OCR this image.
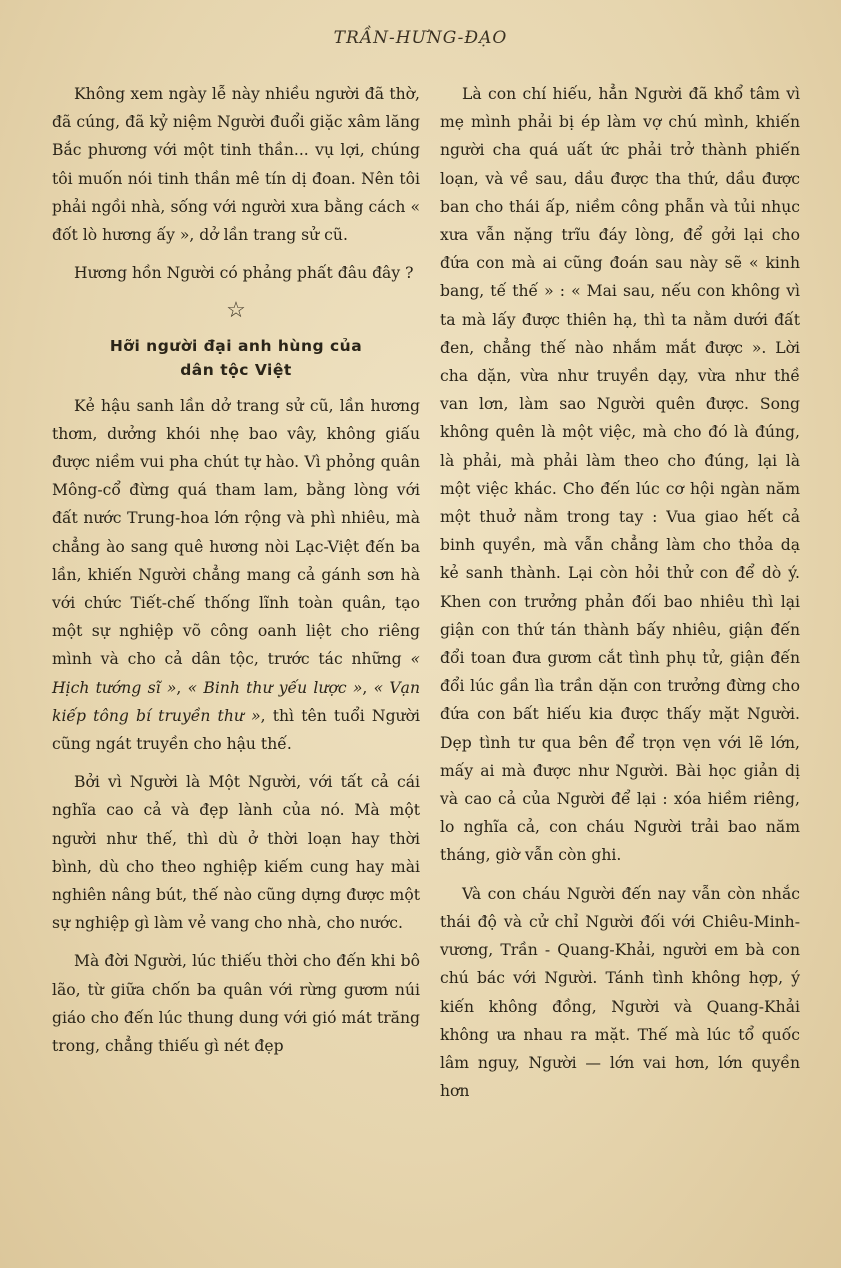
TRẦN-HƯNG-ĐẠO

Không xem ngày lễ này nhiều người đã thờ, đã cúng, đã kỷ niệm Người đuổi giặc xâm lăng Bắc phương với một tinh thần... vụ lợi, chúng tôi muốn nói tinh thần mê tín dị đoan. Nên tôi phải ngồi nhà, sống với người xưa bằng cách « đốt lò hương ấy », dở lần trang sử cũ.

Hương hồn Người có phảng phất đâu đây ?

☆
Hỡi người đại anh hùng của
dân tộc Việt

Kẻ hậu sanh lần dở trang sử cũ, lần hương thơm, dưởng khói nhẹ bao vây, không giấu được niềm vui pha chút tự hào. Vì phỏng quân Mông-cổ đừng quá tham lam, bằng lòng với đất nước Trung-hoa lớn rộng và phì nhiêu, mà chẳng ào sang quê hương nòi Lạc-Việt đến ba lần, khiến Người chẳng mang cả gánh sơn hà với chức Tiết-chế thống lĩnh toàn quân, tạo một sự nghiệp võ công oanh liệt cho riêng mình và cho cả dân tộc, trước tác những « Hịch tướng sĩ », « Binh thư yếu lược », « Vạn kiếp tông bí truyền thư », thì tên tuổi Người cũng ngát truyền cho hậu thế.

Bởi vì Người là Một Người, với tất cả cái nghĩa cao cả và đẹp lành của nó. Mà một người như thế, thì dù ở thời loạn hay thời bình, dù cho theo nghiệp kiếm cung hay mài nghiên nâng bút, thế nào cũng dựng được một sự nghiệp gì làm vẻ vang cho nhà, cho nước.

Mà đời Người, lúc thiếu thời cho đến khi bô lão, từ giữa chốn ba quân với rừng gươm núi giáo cho đến lúc thung dung với gió mát trăng trong, chẳng thiếu gì nét đẹp

Là con chí hiếu, hẳn Người đã khổ tâm vì mẹ mình phải bị ép làm vợ chú mình, khiến người cha quá uất ức phải trở thành phiến loạn, và về sau, dầu được tha thứ, dầu được ban cho thái ấp, niềm công phẫn và tủi nhục xưa vẫn nặng trĩu đáy lòng, để gởi lại cho đứa con mà ai cũng đoán sau này sẽ « kinh bang, tế thế » : « Mai sau, nếu con không vì ta mà lấy được thiên hạ, thì ta nằm dưới đất đen, chẳng thế nào nhắm mắt được ». Lời cha dặn, vừa như truyền dạy, vừa như thề van lơn, làm sao Người quên được. Song không quên là một việc, mà cho đó là đúng, là phải, mà phải làm theo cho đúng, lại là một việc khác. Cho đến lúc cơ hội ngàn năm một thuở nằm trong tay : Vua giao hết cả binh quyền, mà vẫn chẳng làm cho thỏa dạ kẻ sanh thành. Lại còn hỏi thử con để dò ý. Khen con trưởng phản đối bao nhiêu thì lại giận con thứ tán thành bấy nhiêu, giận đến đổi toan đưa gươm cắt tình phụ tử, giận đến đổi lúc gần lìa trần dặn con trưởng đừng cho đứa con bất hiếu kia được thấy mặt Người. Dẹp tình tư qua bên để trọn vẹn với lẽ lớn, mấy ai mà được như Người. Bài học giản dị và cao cả của Người để lại : xóa hiềm riêng, lo nghĩa cả, con cháu Người trải bao năm tháng, giờ vẫn còn ghi.

Và con cháu Người đến nay vẫn còn nhắc thái độ và cử chỉ Người đối với Chiêu-Minh-vương, Trần - Quang-Khải, người em bà con chú bác với Người. Tánh tình không hợp, ý kiến không đồng, Người và Quang-Khải không ưa nhau ra mặt. Thế mà lúc tổ quốc lâm nguy, Người — lớn vai hơn, lớn quyền hơn
